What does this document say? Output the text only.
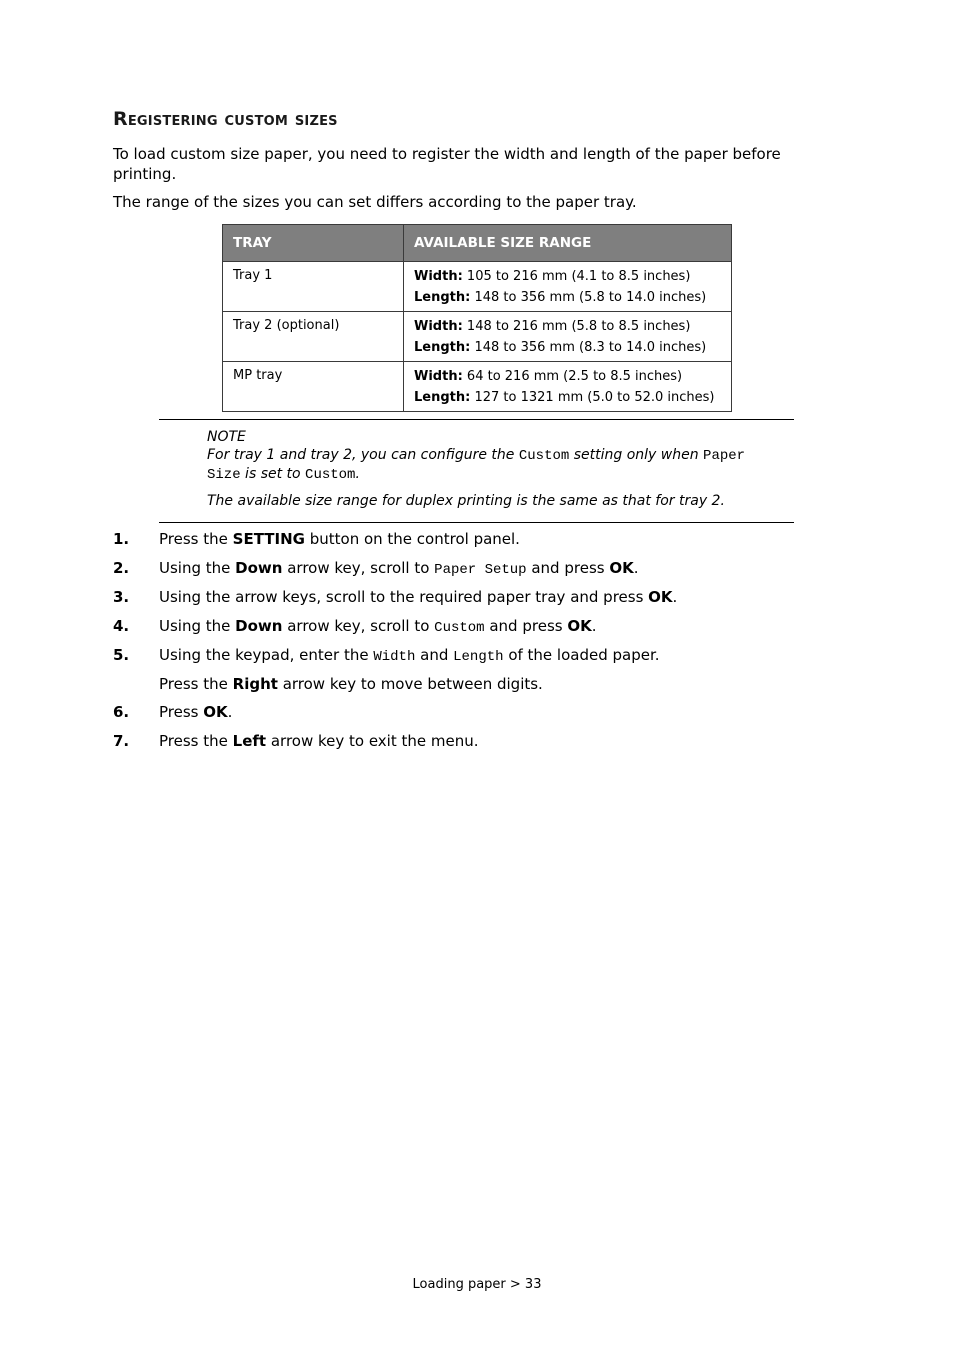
Registering custom sizes

To load custom size paper, you need to register the width and length of the paper before printing.

The range of the sizes you can set differs according to the paper tray.

TRAY	AVAILABLE SIZE RANGE
Tray 1	Width: 105 to 216 mm (4.1 to 8.5 inches)
Length: 148 to 356 mm (5.8 to 14.0 inches)

Tray 2 (optional)	Width: 148 to 216 mm (5.8 to 8.5 inches)
Length: 148 to 356 mm (8.3 to 14.0 inches)

MP tray	Width: 64 to 216 mm (2.5 to 8.5 inches)
Length: 127 to 1321 mm (5.0 to 52.0 inches)

NOTE

For tray 1 and tray 2, you can configure the Custom setting only when Paper Size is set to Custom.

The available size range for duplex printing is the same as that for tray 2.

1.	Press the SETTING button on the control panel.
2.	Using the Down arrow key, scroll to Paper Setup and press OK.
3.	Using the arrow keys, scroll to the required paper tray and press OK.
4.	Using the Down arrow key, scroll to Custom and press OK.
5.	Using the keypad, enter the Width and Length of the loaded paper.
Press the Right arrow key to move between digits.
6.	Press OK.
7.	Press the Left arrow key to exit the menu.
Loading paper > 33
